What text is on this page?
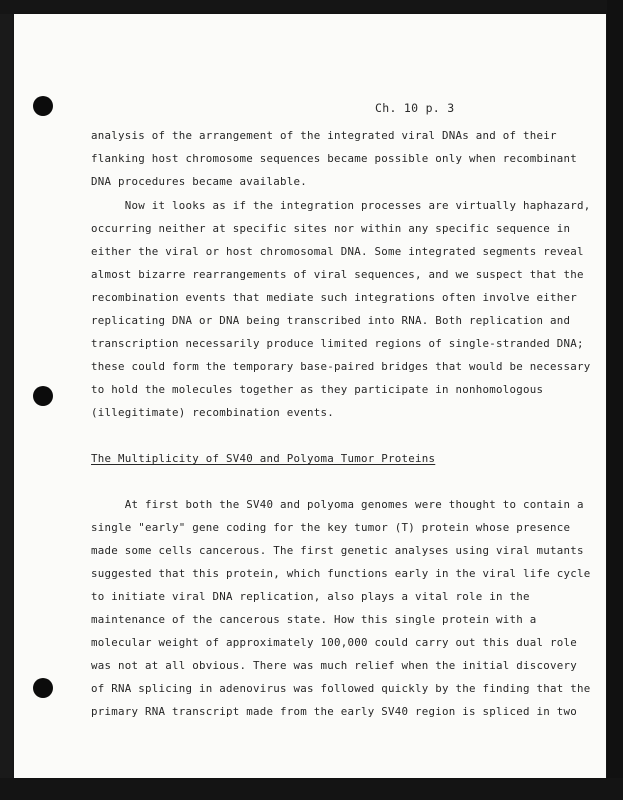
Ch. 10 p. 3
analysis of the arrangement of the integrated viral DNAs and of their
flanking host chromosome sequences became possible only when recombinant
DNA procedures became available.
Now it looks as if the integration processes are virtually haphazard,
occurring neither at specific sites nor within any specific sequence in
either the viral or host chromosomal DNA. Some integrated segments reveal
almost bizarre rearrangements of viral sequences, and we suspect that the
recombination events that mediate such integrations often involve either
replicating DNA or DNA being transcribed into RNA. Both replication and
transcription necessarily produce limited regions of single-stranded DNA;
these could form the temporary base-paired bridges that would be necessary
to hold the molecules together as they participate in nonhomologous
(illegitimate) recombination events.
The Multiplicity of SV40 and Polyoma Tumor Proteins
At first both the SV40 and polyoma genomes were thought to contain a
single "early" gene coding for the key tumor (T) protein whose presence
made some cells cancerous. The first genetic analyses using viral mutants
suggested that this protein, which functions early in the viral life cycle
to initiate viral DNA replication, also plays a vital role in the
maintenance of the cancerous state. How this single protein with a
molecular weight of approximately 100,000 could carry out this dual role
was not at all obvious. There was much relief when the initial discovery
of RNA splicing in adenovirus was followed quickly by the finding that the
primary RNA transcript made from the early SV40 region is spliced in two
